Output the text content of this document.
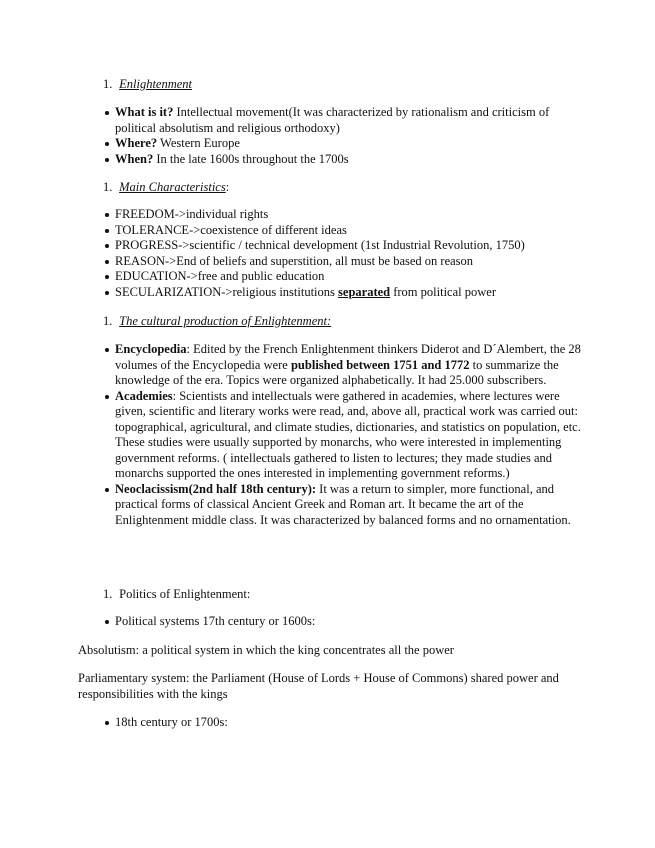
1. Enlightenment
What is it? Intellectual movement(It was characterized by rationalism and criticism of political absolutism and religious orthodoxy)
Where? Western Europe
When? In the late 1600s throughout the 1700s
1. Main Characteristics:
FREEDOM->individual rights
TOLERANCE->coexistence of different ideas
PROGRESS->scientific / technical development (1st Industrial Revolution, 1750)
REASON->End of beliefs and superstition, all must be based on reason
EDUCATION->free and public education
SECULARIZATION->religious institutions separated from political power
1. The cultural production of Enlightenment:
Encyclopedia: Edited by the French Enlightenment thinkers Diderot and D´Alembert, the 28 volumes of the Encyclopedia were published between 1751 and 1772 to summarize the knowledge of the era. Topics were organized alphabetically. It had 25.000 subscribers.
Academies: Scientists and intellectuals were gathered in academies, where lectures were given, scientific and literary works were read, and, above all, practical work was carried out: topographical, agricultural, and climate studies, dictionaries, and statistics on population, etc. These studies were usually supported by monarchs, who were interested in implementing government reforms. ( intellectuals gathered to listen to lectures; they made studies and monarchs supported the ones interested in implementing government reforms.)
Neoclacissism(2nd half 18th century): It was a return to simpler, more functional, and practical forms of classical Ancient Greek and Roman art. It became the art of the Enlightenment middle class. It was characterized by balanced forms and no ornamentation.
1. Politics of Enlightenment:
Political systems 17th century or 1600s:

Absolutism: a political system in which the king concentrates all the power

Parliamentary system: the Parliament (House of Lords + House of Commons) shared power and responsibilities with the kings

18th century or 1700s:
